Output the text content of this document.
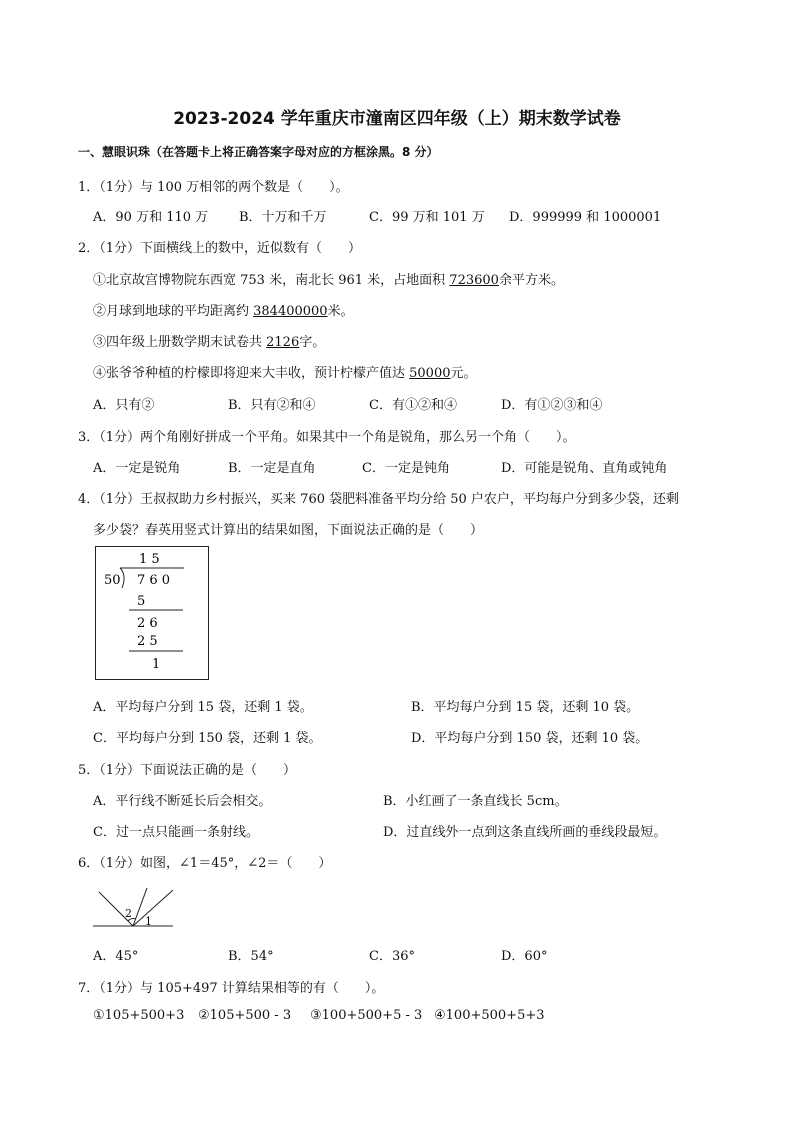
2023-2024 学年重庆市潼南区四年级（上）期末数学试卷
一、慧眼识珠（在答题卡上将正确答案字母对应的方框涂黑。8 分）
1．（1分）与 100 万相邻的两个数是（　　）。
A．90 万和 110 万 B．十万和千万	C．99 万和 101 万 D．999999 和 1000001
2．（1分）下面横线上的数中，近似数有（　　）
①北京故宫博物院东西宽 753 米，南北长 961 米，占地面积 723600余平方米。
②月球到地球的平均距离约 384400000米。
③四年级上册数学期末试卷共 2126字。
④张爷爷种植的柠檬即将迎来大丰收，预计柠檬产值达 50000元。
A．只有②	B．只有②和④	C．有①②和④	D．有①②③和④
3．（1分）两个角刚好拼成一个平角。如果其中一个角是锐角，那么另一个角（　　）。
A．一定是锐角	B．一定是直角	C．一定是钝角	D．可能是锐角、直角或钝角
4．（1分）王叔叔助力乡村振兴，买来 760 袋肥料准备平均分给 50 户农户，平均每户分到多少袋，还剩
多少袋？春英用竖式计算出的结果如图，下面说法正确的是（　　）
1 5
50 7 6 0
5
2 6
2 5
1
A．平均每户分到 15 袋，还剩 1 袋。	B．平均每户分到 15 袋，还剩 10 袋。
C．平均每户分到 150 袋，还剩 1 袋。	D．平均每户分到 150 袋，还剩 10 袋。
5．（1分）下面说法正确的是（　　）
A．平行线不断延长后会相交。	B．小红画了一条直线长 5cm。
C．过一点只能画一条射线。	D．过直线外一点到这条直线所画的垂线段最短。
6．（1分）如图，∠1＝45°，∠2＝（　　）
2
1
A．45°	B．54°	C．36°	D．60°
7．（1分）与 105+497 计算结果相等的有（　　）。
①105+500+3 ②105+500 - 3 ③100+500+5 - 3 ④100+500+5+3
